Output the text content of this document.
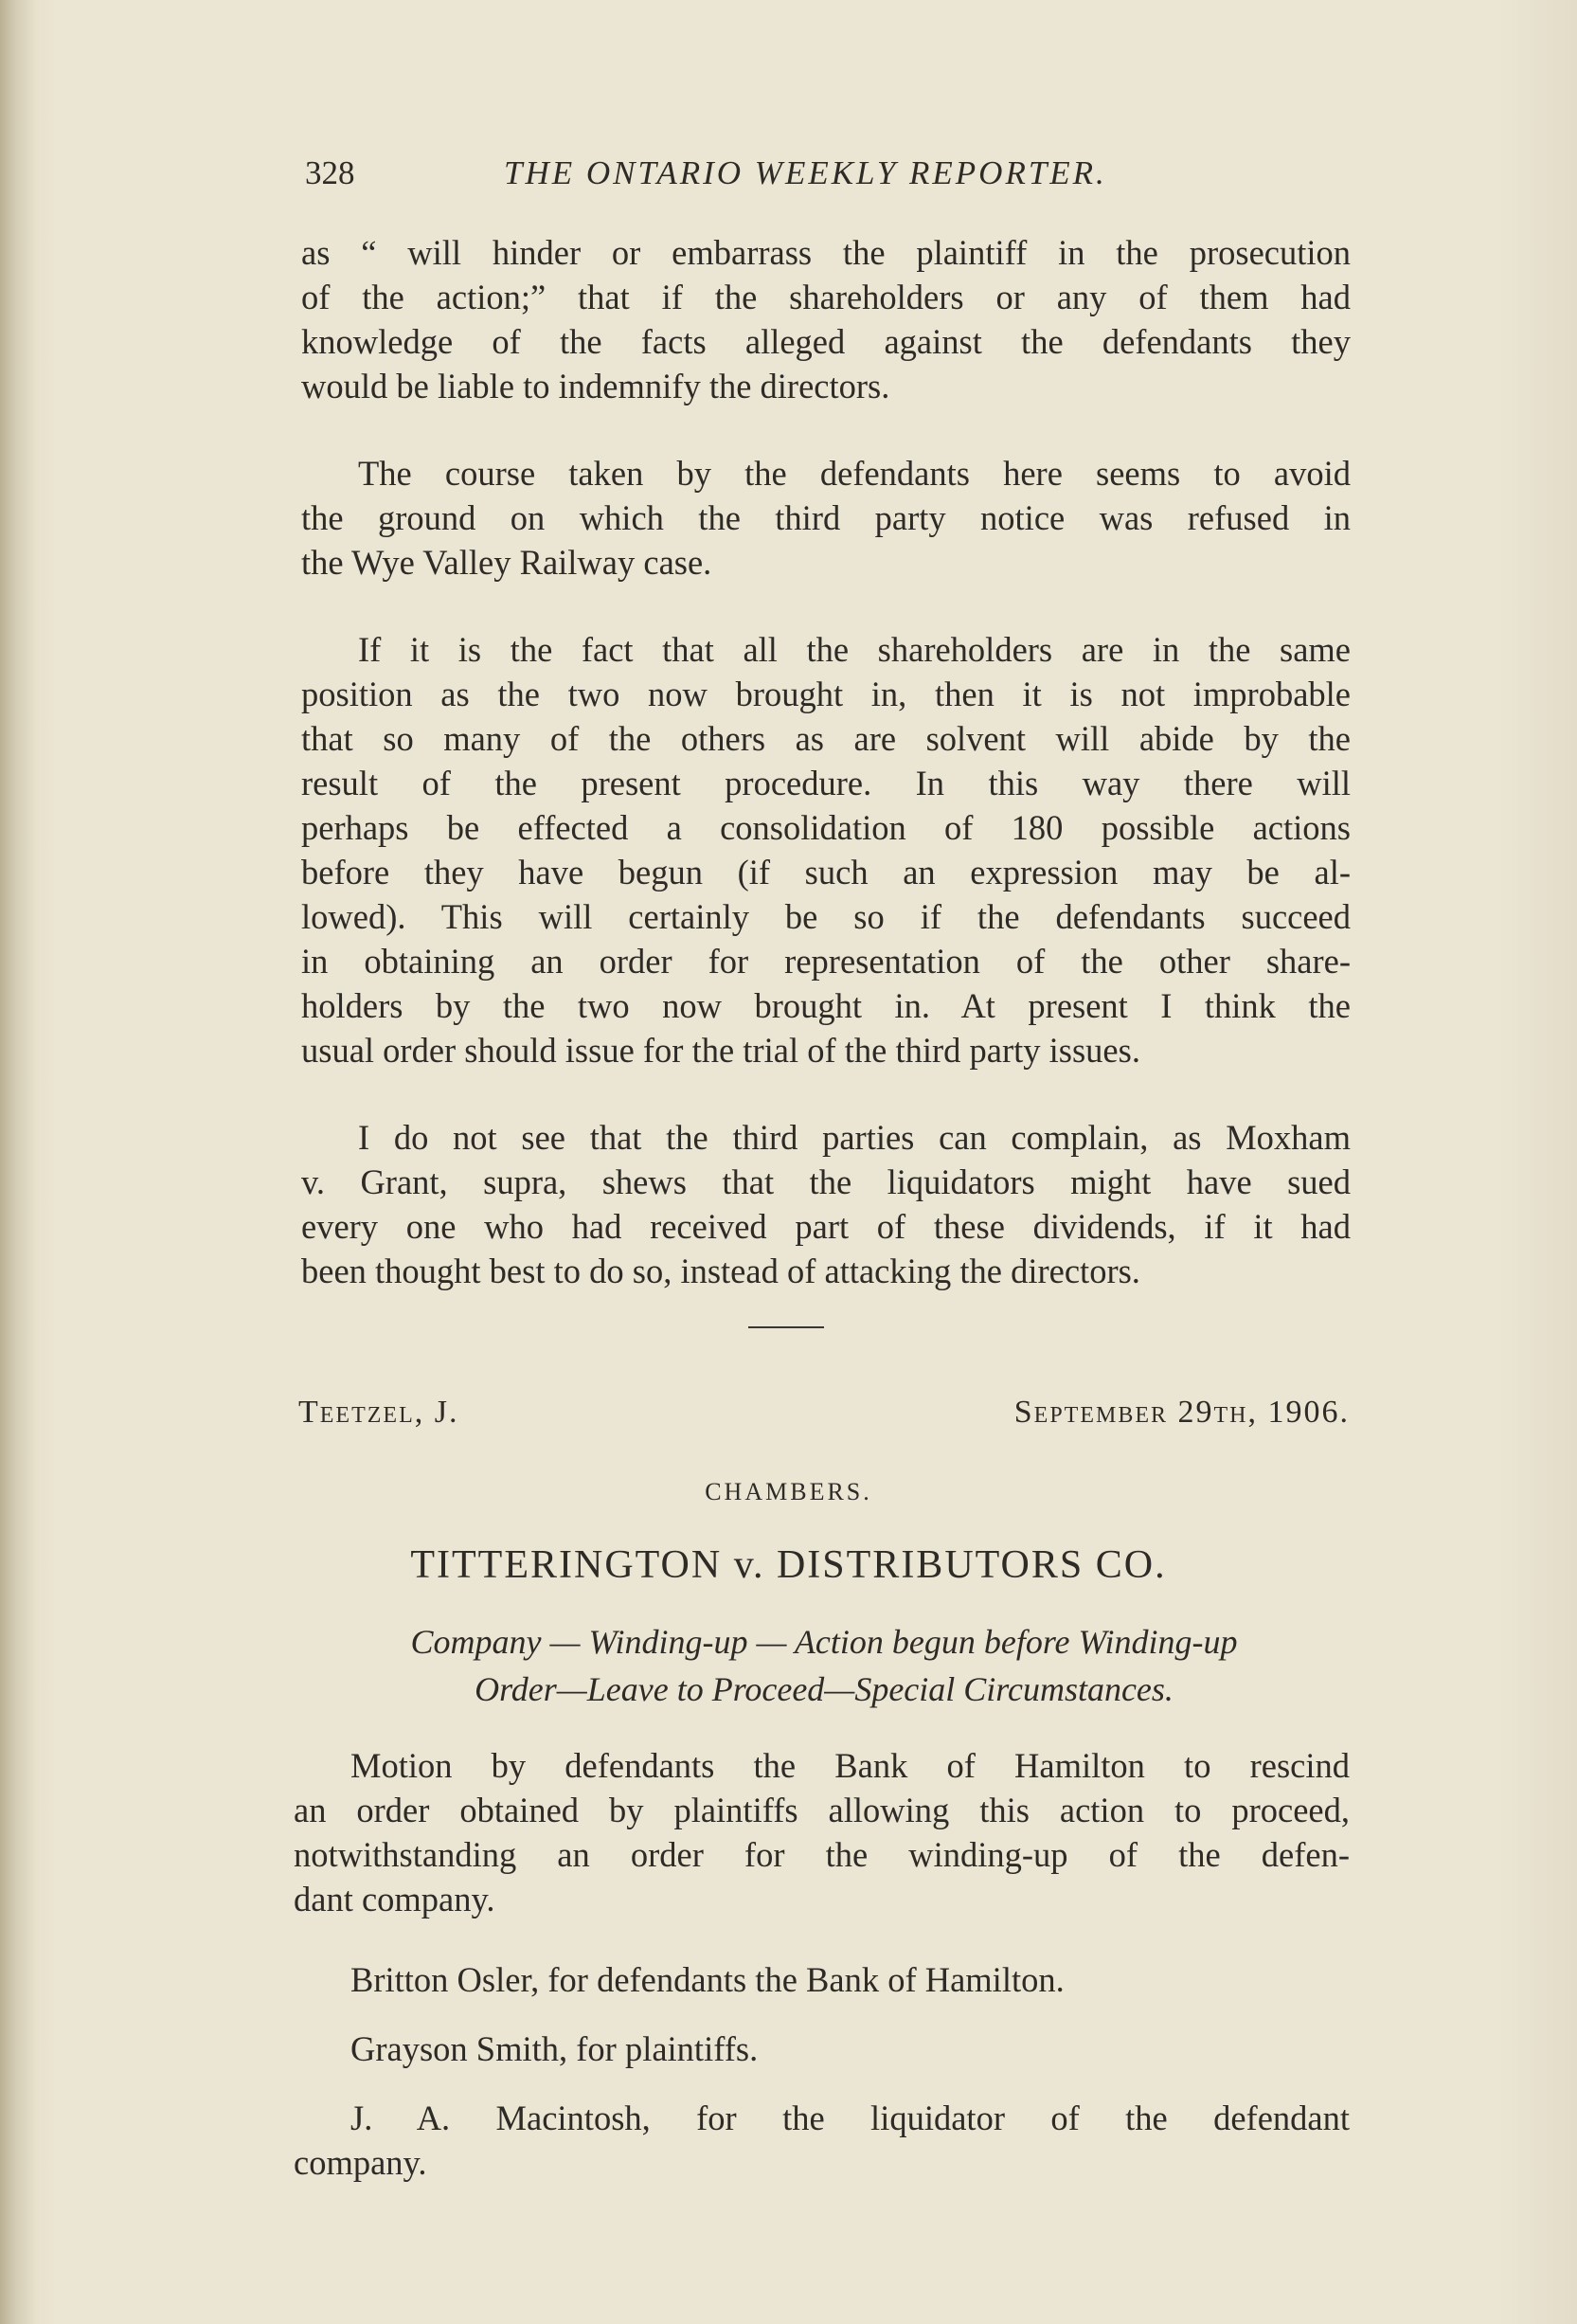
328	THE ONTARIO WEEKLY REPORTER.
as “ will hinder or embarrass the plaintiff in the prosecution
of the action;” that if the shareholders or any of them had
knowledge of the facts alleged against the defendants they
would be liable to indemnify the directors.
The course taken by the defendants here seems to avoid
the ground on which the third party notice was refused in
the Wye Valley Railway case.
If it is the fact that all the shareholders are in the same
position as the two now brought in, then it is not improbable
that so many of the others as are solvent will abide by the
result of the present procedure. In this way there will
perhaps be effected a consolidation of 180 possible actions
before they have begun (if such an expression may be al-
lowed). This will certainly be so if the defendants succeed
in obtaining an order for representation of the other share-
holders by the two now brought in. At present I think the
usual order should issue for the trial of the third party issues.
I do not see that the third parties can complain, as Moxham
v. Grant, supra, shews that the liquidators might have sued
every one who had received part of these dividends, if it had
been thought best to do so, instead of attacking the directors.
Teetzel, J.	September 29th, 1906.
CHAMBERS.
TITTERINGTON v. DISTRIBUTORS CO.
Company — Winding-up — Action begun before Winding-up
Order—Leave to Proceed—Special Circumstances.
Motion by defendants the Bank of Hamilton to rescind
an order obtained by plaintiffs allowing this action to proceed,
notwithstanding an order for the winding-up of the defen-
dant company.
Britton Osler, for defendants the Bank of Hamilton.
Grayson Smith, for plaintiffs.
J. A. Macintosh, for the liquidator of the defendant
company.
